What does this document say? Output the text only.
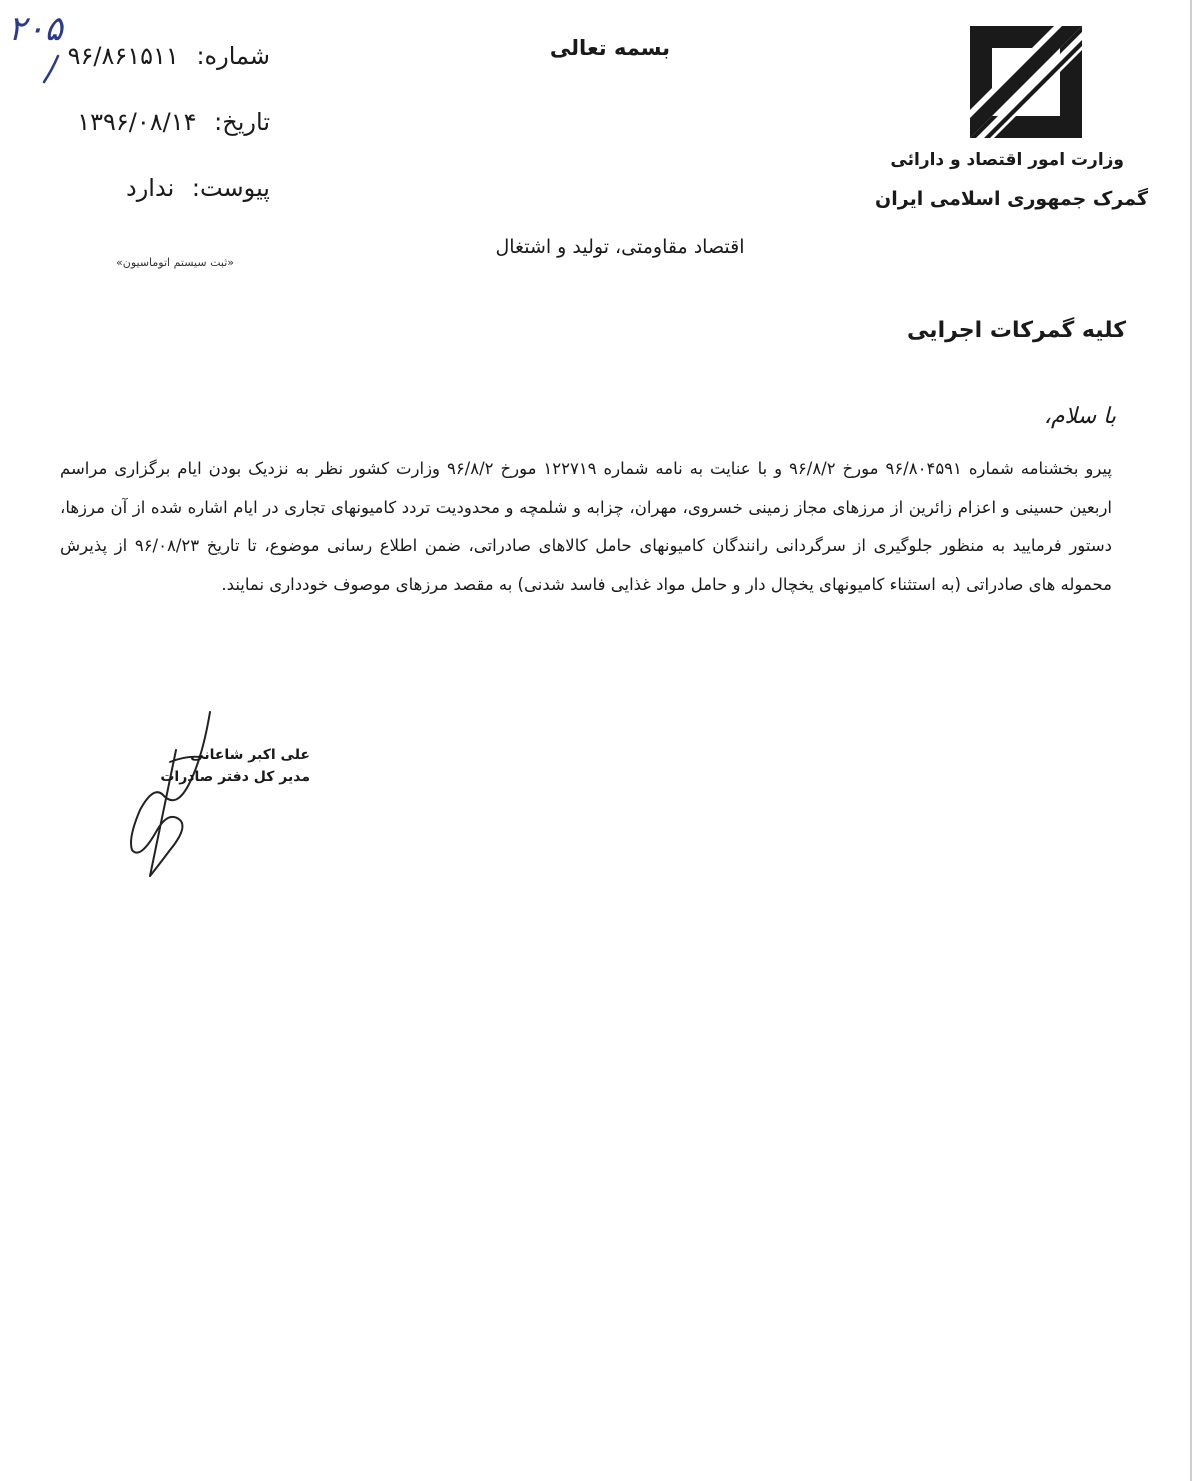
۲۰۵	بسمه تعالی
شماره: ۹۶/۸۶۱۵۱۱
تاریخ: ۱۳۹۶/۰۸/۱۴
پیوست: ندارد
«ثبت سیستم اتوماسیون»
وزارت امور اقتصاد و دارائی
گمرک جمهوری اسلامی ایران
اقتصاد مقاومتی، تولید و اشتغال
کلیه گمرکات اجرایی
با سلام،
پیرو بخشنامه شماره ۹۶/۸۰۴۵۹۱ مورخ ۹۶/۸/۲ و با عنایت به نامه شماره ۱۲۲۷۱۹ مورخ ۹۶/۸/۲ وزارت کشور نظر به نزدیک بودن ایام برگزاری مراسم اربعین حسینی و اعزام زائرین از مرزهای مجاز زمینی خسروی، مهران، چزابه و شلمچه و محدودیت تردد کامیونهای تجاری در ایام اشاره شده از آن مرزها، دستور فرمایید به منظور جلوگیری از سرگردانی رانندگان کامیونهای حامل کالاهای صادراتی، ضمن اطلاع رسانی موضوع، تا تاریخ ۹۶/۰۸/۲۳ از پذیرش محموله های صادراتی (به استثناء کامیونهای یخچال دار و حامل مواد غذایی فاسد شدنی) به مقصد مرزهای موصوف خودداری نمایند.
علی اکبر شاعانی
مدیر کل دفتر صادرات
